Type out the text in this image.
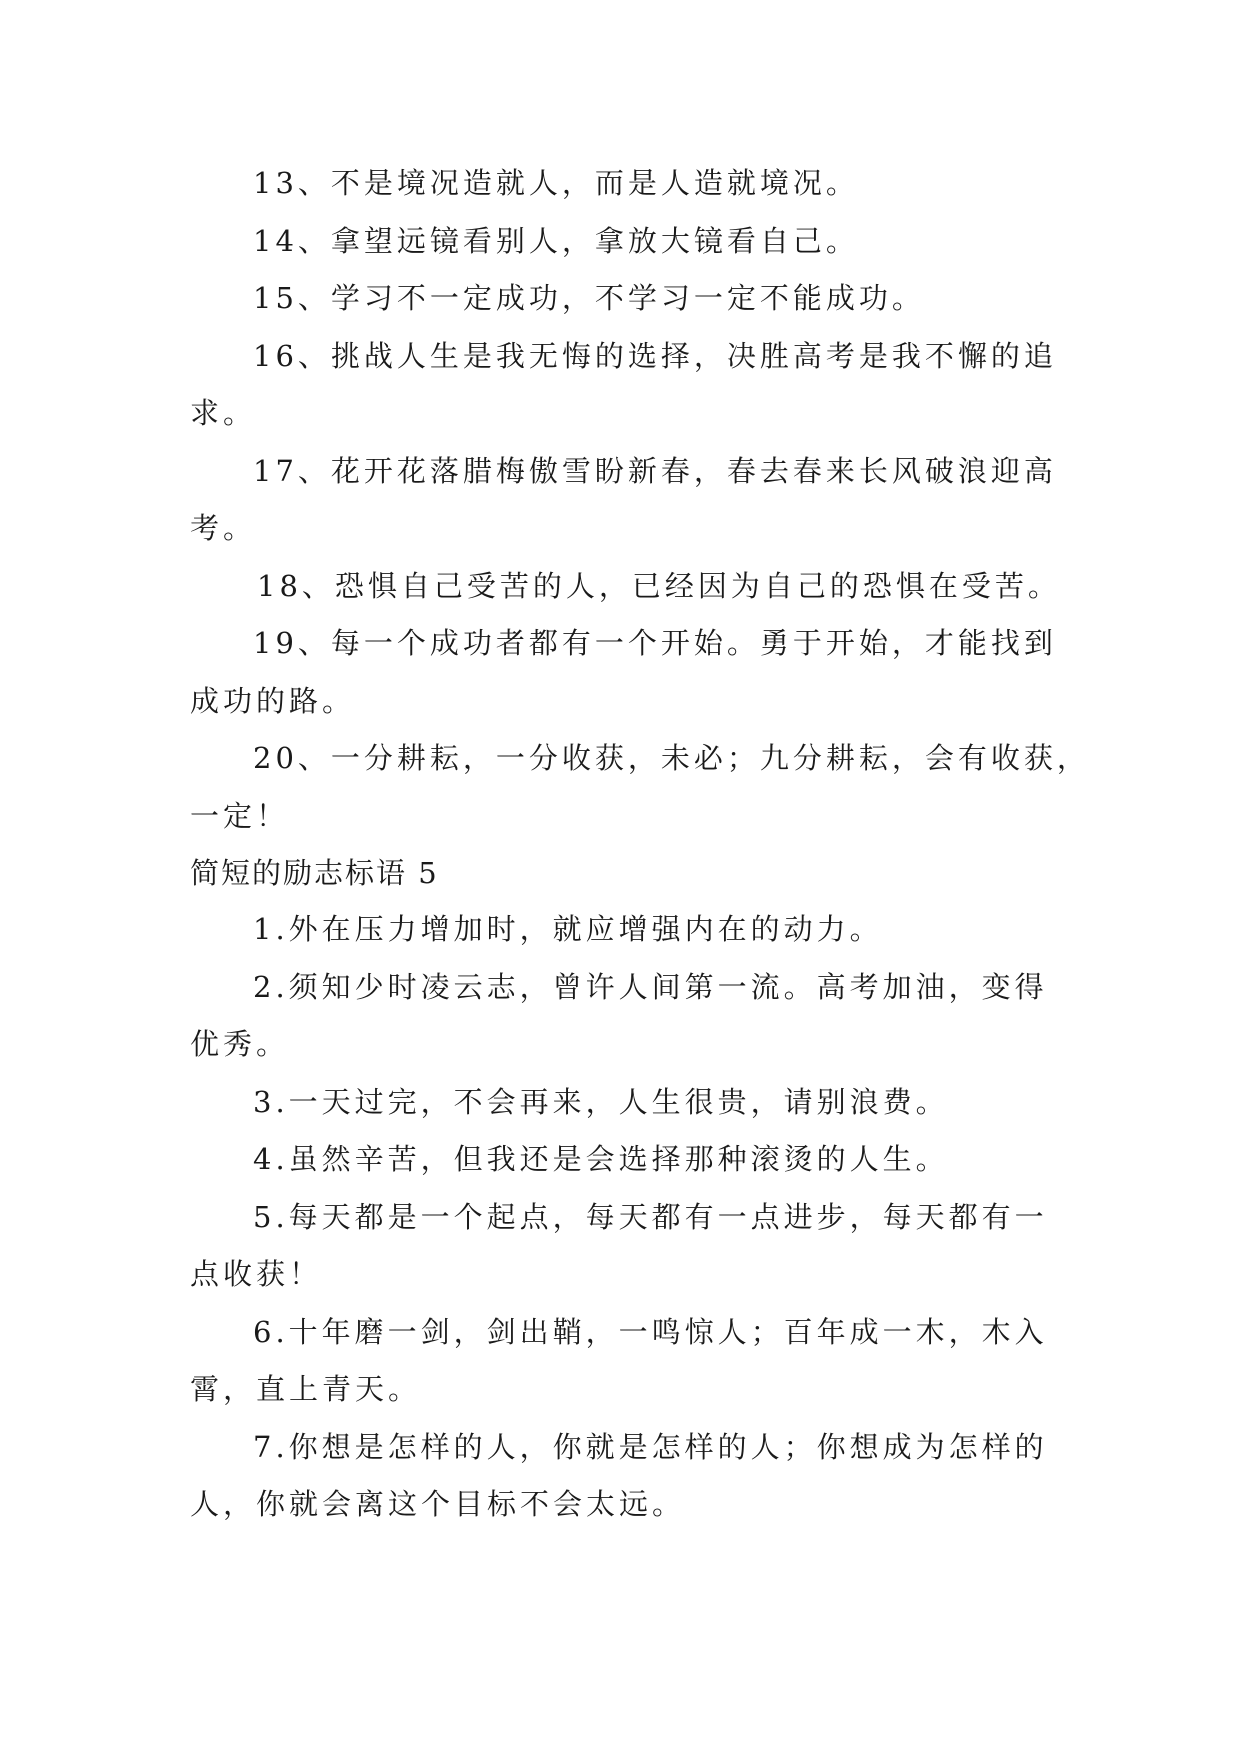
13、不是境况造就人，而是人造就境况。
14、拿望远镜看别人，拿放大镜看自己。
15、学习不一定成功，不学习一定不能成功。
16、挑战人生是我无悔的选择，决胜高考是我不懈的追
求。
17、花开花落腊梅傲雪盼新春，春去春来长风破浪迎高
考。
18、恐惧自己受苦的人，已经因为自己的恐惧在受苦。
19、每一个成功者都有一个开始。勇于开始，才能找到
成功的路。
20、一分耕耘，一分收获，未必；九分耕耘，会有收获，
一定！
简短的励志标语 5
1.外在压力增加时，就应增强内在的动力。
2.须知少时凌云志，曾许人间第一流。高考加油，变得
优秀。
3.一天过完，不会再来，人生很贵，请别浪费。
4.虽然辛苦，但我还是会选择那种滚烫的人生。
5.每天都是一个起点，每天都有一点进步，每天都有一
点收获！
6.十年磨一剑，剑出鞘，一鸣惊人；百年成一木，木入
霄，直上青天。
7.你想是怎样的人，你就是怎样的人；你想成为怎样的
人，你就会离这个目标不会太远。
